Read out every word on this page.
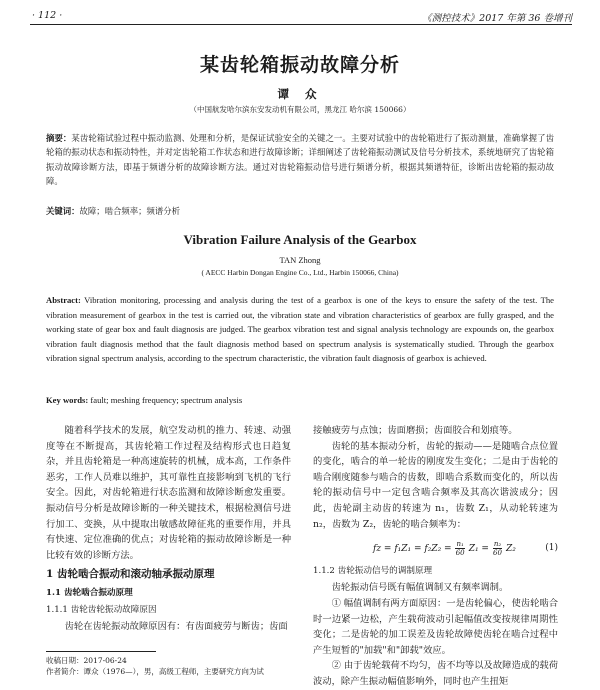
· 112 ·	《测控技术》2017 年第 36 卷增刊
某齿轮箱振动故障分析
谭 众
（中国航发哈尔滨东安发动机有限公司，黑龙江 哈尔滨 150066）
摘要：某齿轮箱试验过程中振动监测、处理和分析，是保证试验安全的关键之一。主要对试验中的齿轮箱进行了振动测量，准确掌握了齿轮箱的振动状态和振动特性，并对定齿轮箱工作状态和进行故障诊断；详细阐述了齿轮箱振动测试及信号分析技术，系统地研究了齿轮箱振动故障诊断方法，即基于频谱分析的故障诊断方法。通过对齿轮箱振动信号进行频谱分析，根据其频谱特征，诊断出齿轮箱的振动故障。
关键词：故障；啮合频率；频谱分析
Vibration Failure Analysis of the Gearbox
TAN Zhong
( AECC Harbin Dongan Engine Co., Ltd., Harbin 150066, China)
Abstract: Vibration monitoring, processing and analysis during the test of a gearbox is one of the keys to ensure the safety of the test. The vibration measurement of gearbox in the test is carried out, the vibration state and vibration characteristics of gearbox are fully grasped, and the working state of gear box and fault diagnosis are judged. The gearbox vibration test and signal analysis technology are expounds on, the gearbox vibration fault diagnosis method that the fault diagnosis method based on spectrum analysis is systematically studied. Through the gearbox vibration signal spectrum analysis, according to the spectrum characteristic, the vibration fault diagnosis of gearbox is achieved.
Key words: fault; meshing frequency; spectrum analysis

随着科学技术的发展，航空发动机的推力、转速、动强度等在不断提高，其齿轮箱工作过程及结构形式也日趋复杂，并且齿轮箱是一种高速旋转的机械，成本高，工作条件恶劣，工作人员难以维护，其可靠性直接影响到飞机的飞行安全。因此，对齿轮箱进行状态监测和故障诊断愈发重要。振动信号分析是故障诊断的一种关键技术，根据检测信号进行加工、变换，从中提取出敏感故障征兆的重要作用，并具有快速、定位准确的优点；对齿轮箱的振动故障诊断是一种比较有效的诊断方法。

1 齿轮啮合振动和滚动轴承振动原理
1.1 齿轮啮合振动原理
1.1.1 齿轮齿轮振动故障原因

齿轮在齿轮振动故障原因有：有齿面疲劳与断齿；齿面

接触疲劳与点蚀；齿面磨损；齿面胶合和划痕等。

齿轮的基本振动分析，齿轮的振动——是随啮合点位置的变化，啮合的单一轮齿的刚度发生变化；二是由于齿轮的啮合刚度随参与啮合的齿数，即啮合系数而变化的，所以齿轮的振动信号中一定包含啮合频率及其高次谐波成分；因此，齿轮副主动齿的转速为 n₁，齿数 Z₁，从动轮转速为 n₂，齿数为 Z₂，齿轮的啮合频率为：

fz = $f_1Z_1 = f_2Z_2 = \frac{\text{n₁}}{60} Z_1 = \frac{\text{n₂}}{60} Z_2$	(1)
1.1.2 齿轮振动信号的调制原理

齿轮振动信号既有幅值调制又有频率调制。

① 幅值调制有两方面原因：一是齿轮偏心，使齿轮啮合时一边紧一边松，产生载荷波动引起幅值改变按规律周期性变化；二是齿轮的加工误差及齿轮故障使齿轮在啮合过程中产生短暂的"加载"和"卸载"效应。

② 由于齿轮载荷不均匀，齿不均等以及故障造成的载荷波动，除产生振动幅值影响外，同时也产生扭矩

收稿日期：2017-06-24
作者简介：谭众（1976—），男，高级工程师，主要研究方向为试
